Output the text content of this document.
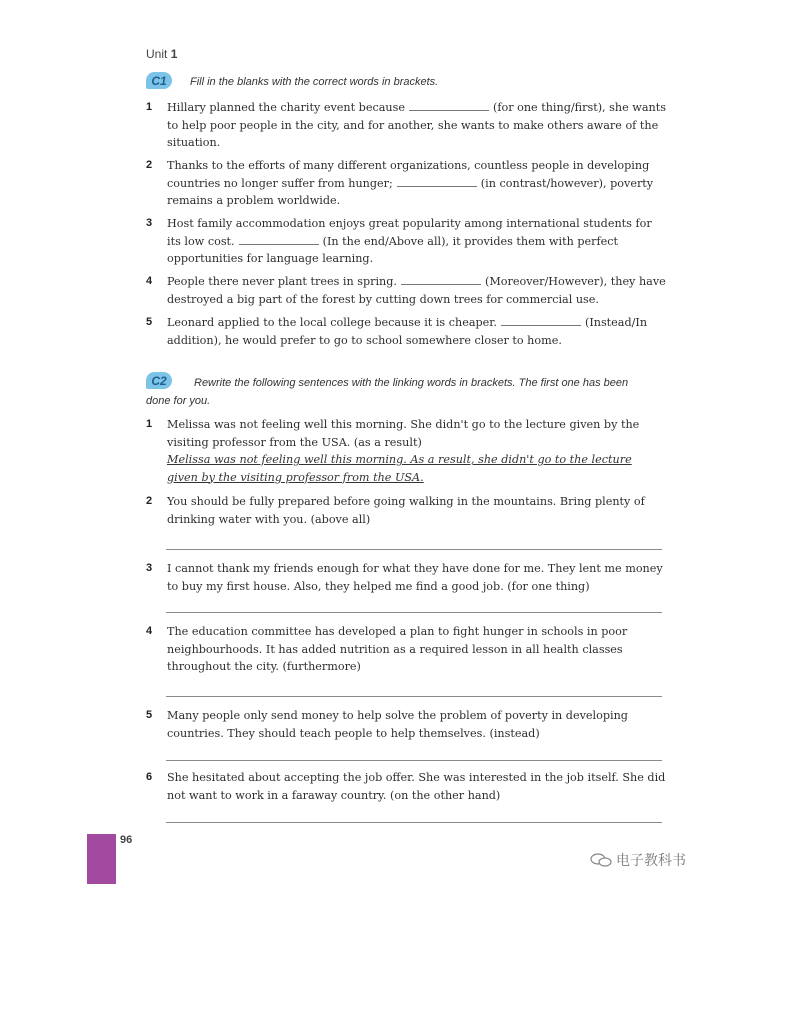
Unit 1
C1	Fill in the blanks with the correct words in brackets.
1	Hillary planned the charity event because	(for one thing/first), she wants to help poor people in the city, and for another, she wants to make others aware of the situation.
2	Thanks to the efforts of many different organizations, countless people in developing countries no longer suffer from hunger;	(in contrast/however), poverty remains a problem worldwide.
3	Host family accommodation enjoys great popularity among international students for its low cost.	(In the end/Above all), it provides them with perfect opportunities for language learning.
4	People there never plant trees in spring.	(Moreover/However), they have destroyed a big part of the forest by cutting down trees for commercial use.
5	Leonard applied to the local college because it is cheaper.	(Instead/In addition), he would prefer to go to school somewhere closer to home.
C2	Rewrite the following sentences with the linking words in brackets. The first one has been done for you.
1	Melissa was not feeling well this morning. She didn't go to the lecture given by the visiting professor from the USA. (as a result)
Melissa was not feeling well this morning. As a result, she didn't go to the lecture given by the visiting professor from the USA.
2	You should be fully prepared before going walking in the mountains. Bring plenty of drinking water with you. (above all)
3	I cannot thank my friends enough for what they have done for me. They lent me money to buy my first house. Also, they helped me find a good job. (for one thing)
4	The education committee has developed a plan to fight hunger in schools in poor neighbourhoods. It has added nutrition as a required lesson in all health classes throughout the city. (furthermore)
5	Many people only send money to help solve the problem of poverty in developing countries. They should teach people to help themselves. (instead)
6	She hesitated about accepting the job offer. She was interested in the job itself. She did not want to work in a faraway country. (on the other hand)
96
电子教科书
